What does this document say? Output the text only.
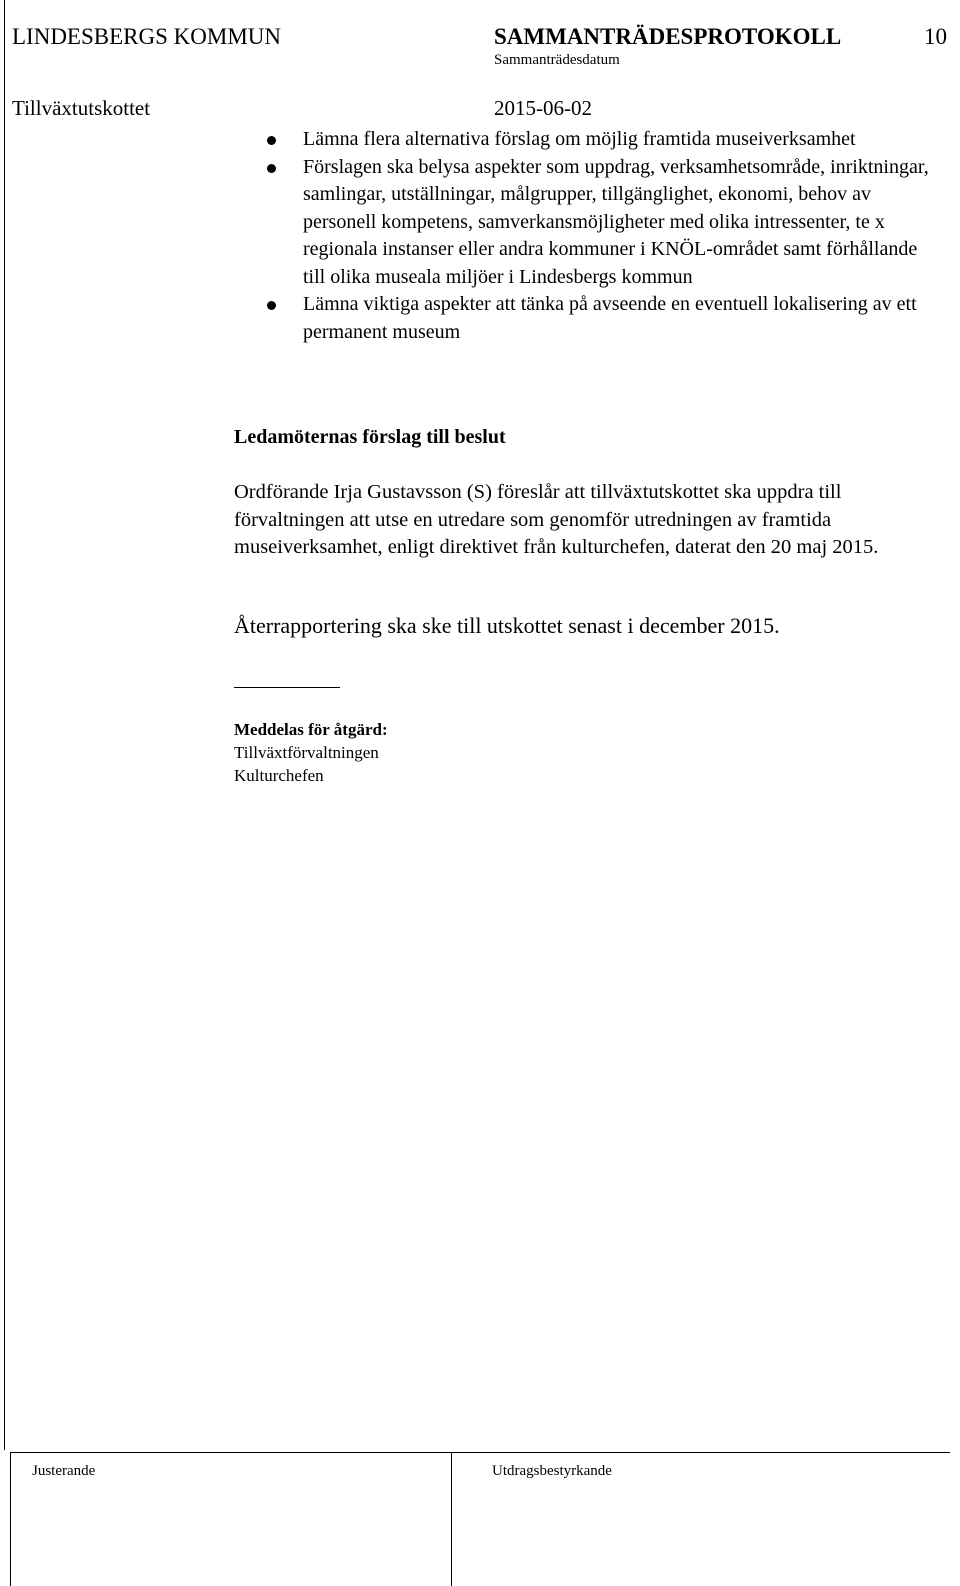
LINDESBERGS KOMMUN	SAMMANTRÄDESPROTOKOLL	10
Sammanträdesdatum
Tillväxtutskottet	2015-06-02
Lämna flera alternativa förslag om möjlig framtida museiverksamhet
Förslagen ska belysa aspekter som uppdrag, verksamhetsområde, inriktningar, samlingar, utställningar, målgrupper, tillgänglighet, ekonomi, behov av personell kompetens, samverkansmöjligheter med olika intressenter, te x regionala instanser eller andra kommuner i KNÖL-området samt förhållande till olika museala miljöer i Lindesbergs kommun
Lämna viktiga aspekter att tänka på avseende en eventuell lokalisering av ett permanent museum
Ledamöternas förslag till beslut

Ordförande Irja Gustavsson (S) föreslår att tillväxtutskottet ska uppdra till förvaltningen att utse en utredare som genomför utredningen av framtida museiverksamhet, enligt direktivet från kulturchefen, daterat den 20 maj 2015.

Återrapportering ska ske till utskottet senast i december 2015.
Meddelas för åtgärd:
Tillväxtförvaltningen
Kulturchefen
Justerande	Utdragsbestyrkande
